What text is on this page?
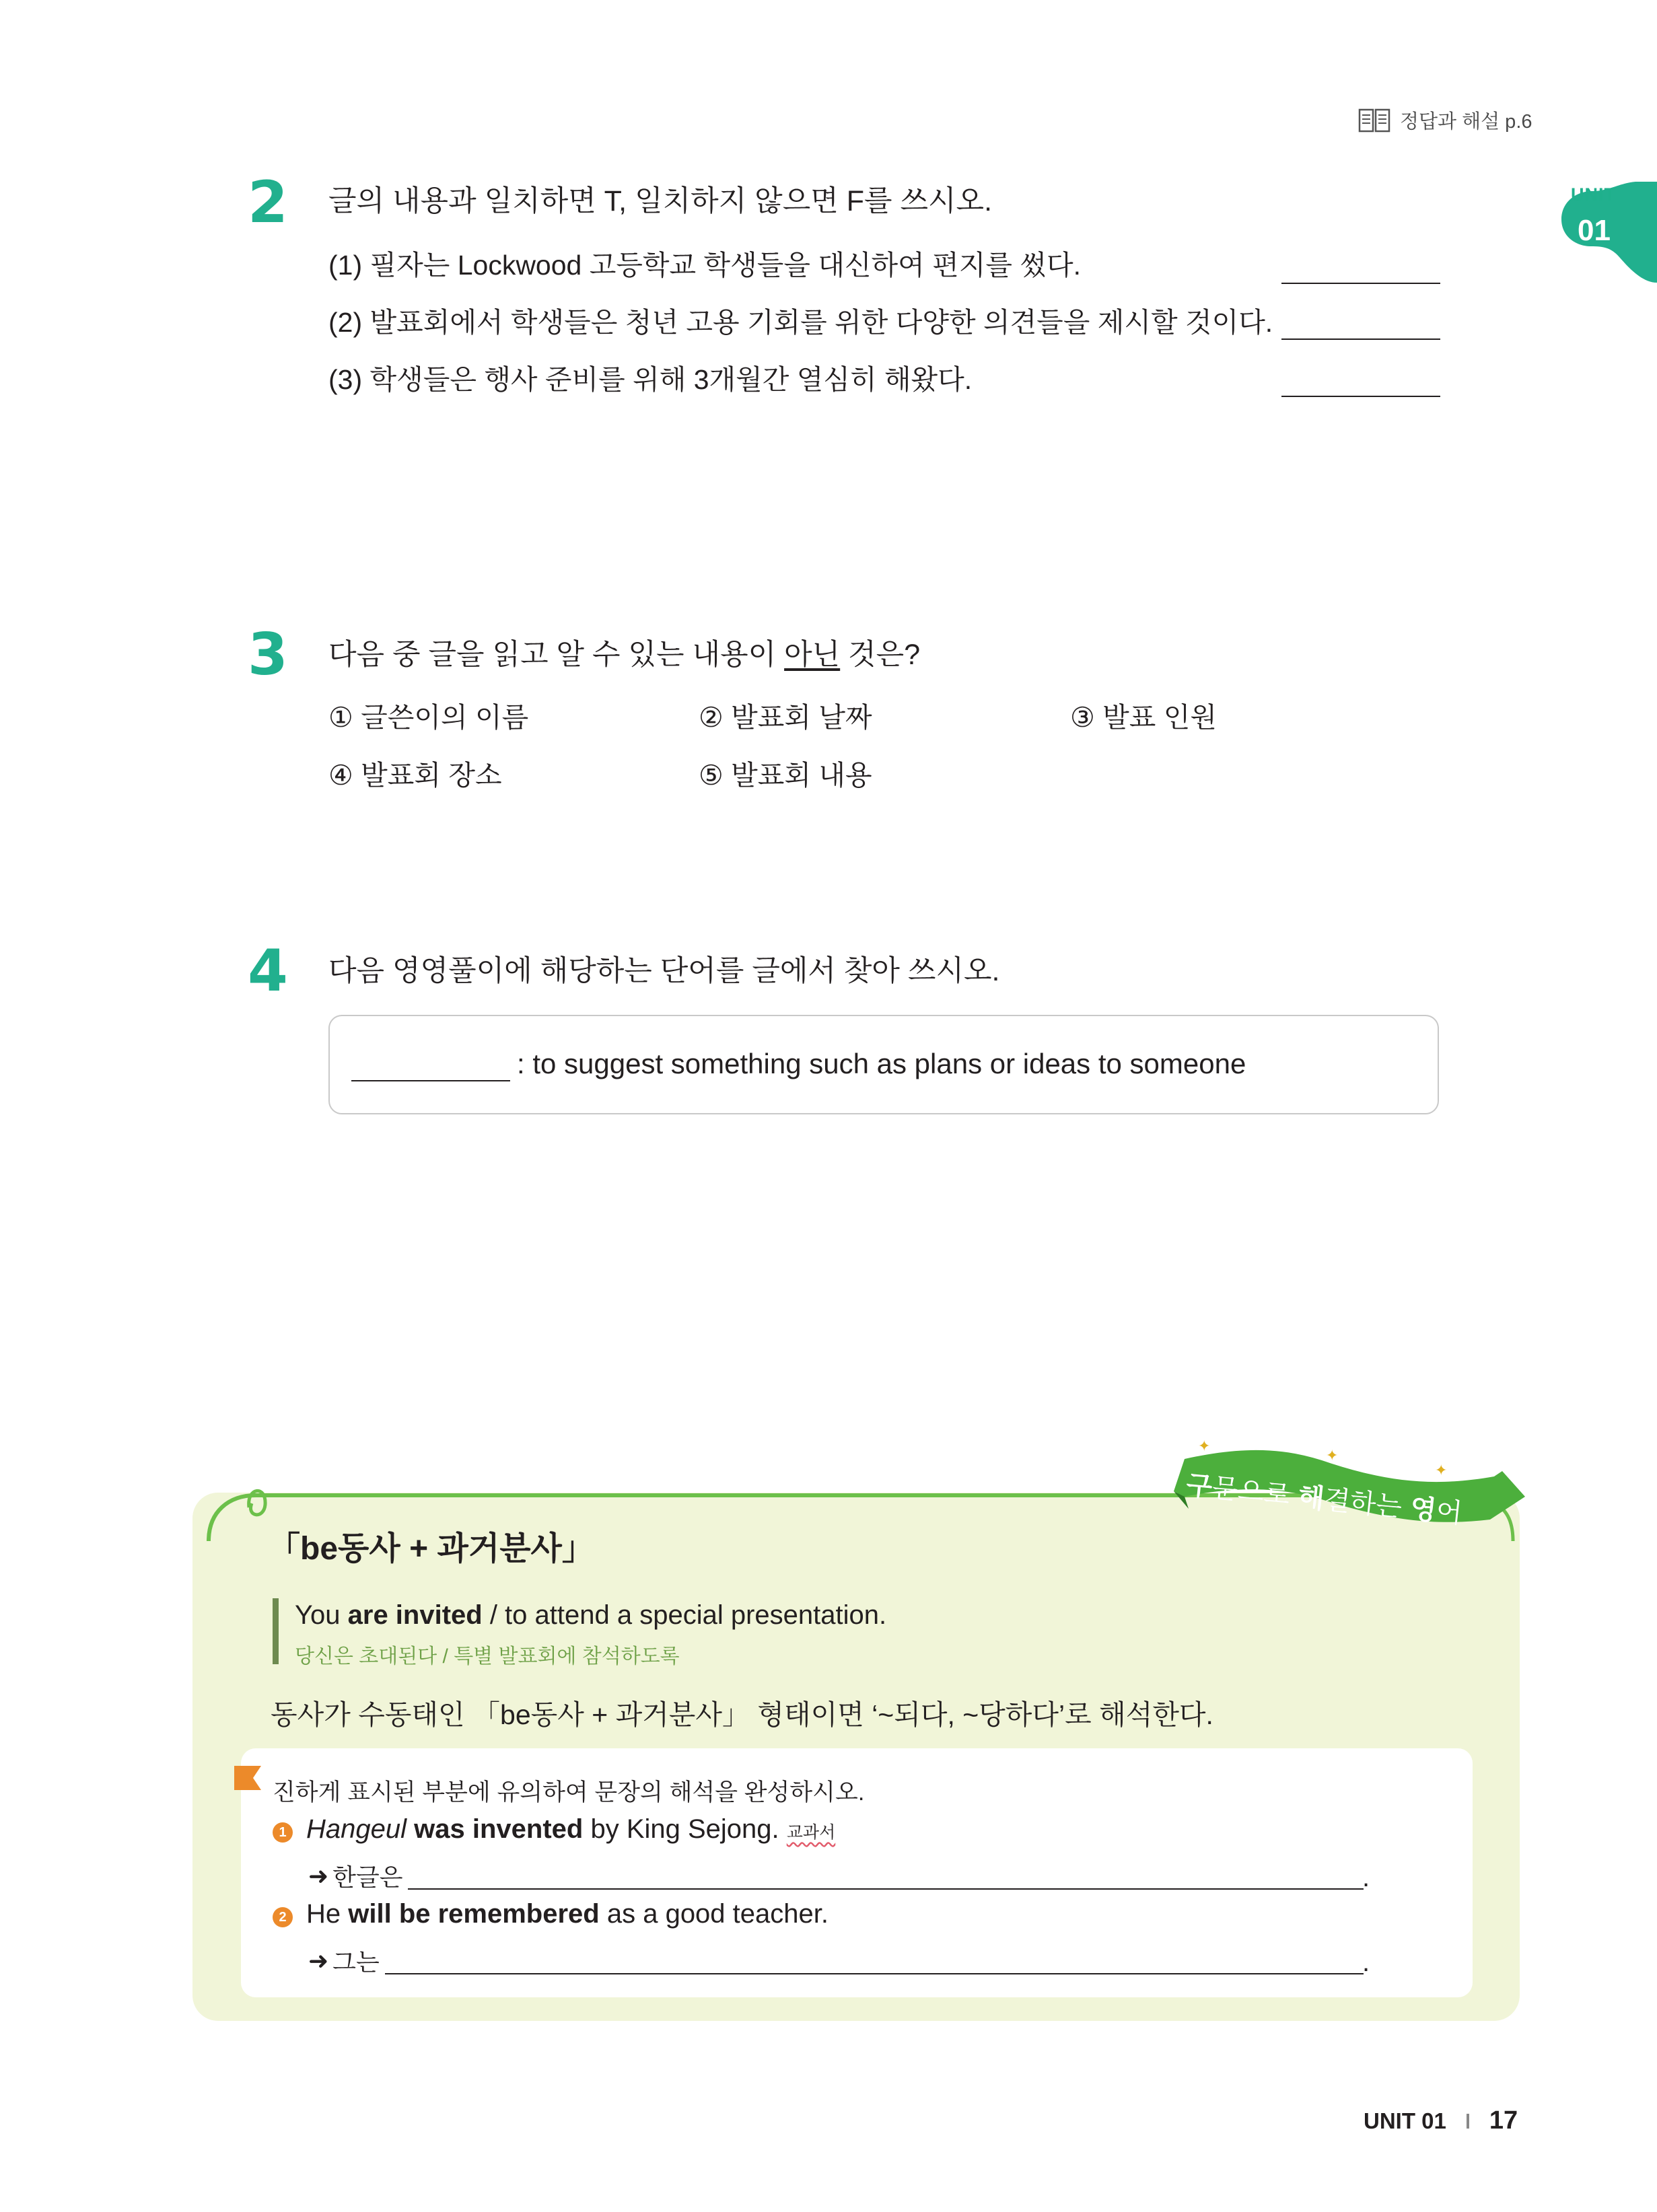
정답과 해설 p.6
UNIT
01
2 글의 내용과 일치하면 T, 일치하지 않으면 F를 쓰시오.
(1) 필자는 Lockwood 고등학교 학생들을 대신하여 편지를 썼다.
(2) 발표회에서 학생들은 청년 고용 기회를 위한 다양한 의견들을 제시할 것이다.
(3) 학생들은 행사 준비를 위해 3개월간 열심히 해왔다.
3 다음 중 글을 읽고 알 수 있는 내용이 아닌 것은?
① 글쓴이의 이름	② 발표회 날짜	③ 발표 인원
④ 발표회 장소	⑤ 발표회 내용
4 다음 영영풀이에 해당하는 단어를 글에서 찾아 쓰시오.
: to suggest something such as plans or ideas to someone
✦
✦
✦
구문으로 해결하는 영어
「be동사 + 과거분사」
You are invited / to attend a special presentation.
당신은 초대된다 / 특별 발표회에 참석하도록
동사가 수동태인 「be동사 + 과거분사」 형태이면 ‘~되다, ~당하다’로 해석한다.
진하게 표시된 부분에 유의하여 문장의 해석을 완성하시오.
1 Hangeul was invented by King Sejong. 교과서
➜ 한글은	.
2 He will be remembered as a good teacher.
➜ 그는	.
UNIT 01 17
